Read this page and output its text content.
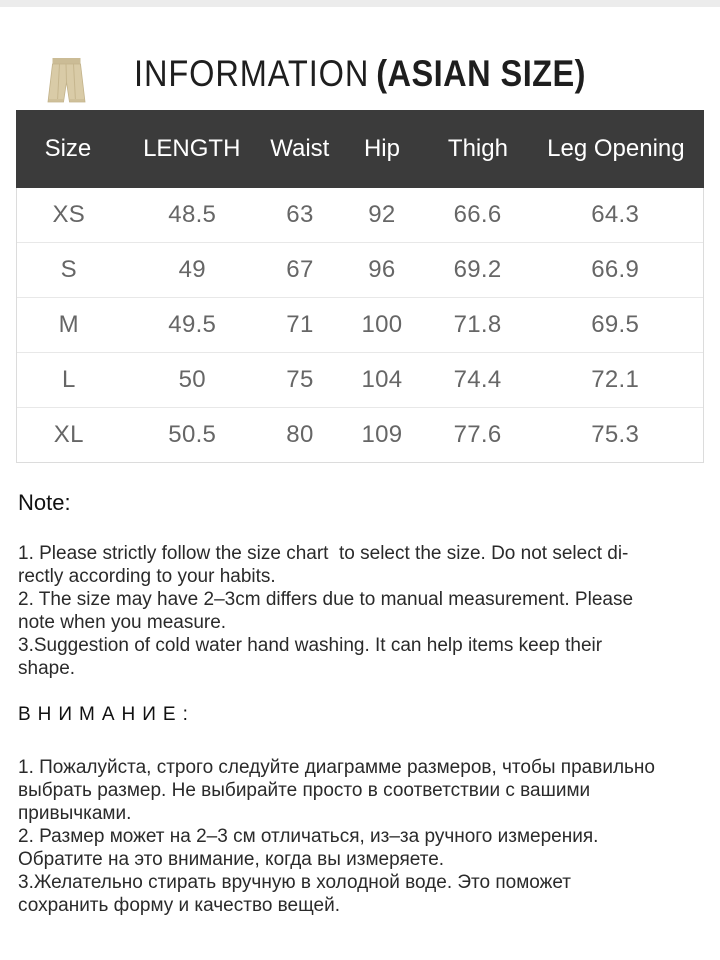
INFORMATION (ASIAN SIZE)
Size	LENGTH	Waist	Hip	Thigh	Leg Opening
XS	48.5	63	92	66.6	64.3
S	49	67	96	69.2	66.9
M	49.5	71	100	71.8	69.5
L	50	75	104	74.4	72.1
XL	50.5	80	109	77.6	75.3
Note:
1. Please strictly follow the size chart  to select the size. Do not select di-
rectly according to your habits.
2. The size may have 2–3cm differs due to manual measurement. Please
note when you measure.
3.Suggestion of cold water hand washing. It can help items keep their
shape.
ВНИМАНИЕ:
1. Пожалуйста, строго следуйте диаграмме размеров, чтобы правильно
выбрать размер. Не выбирайте просто в соответствии с вашими
привычками.
2. Размер может на 2–3 см отличаться, из–за ручного измерения.
Обратите на это внимание, когда вы измеряете.
3.Желательно стирать вручную в холодной воде. Это поможет
сохранить форму и качество вещей.
